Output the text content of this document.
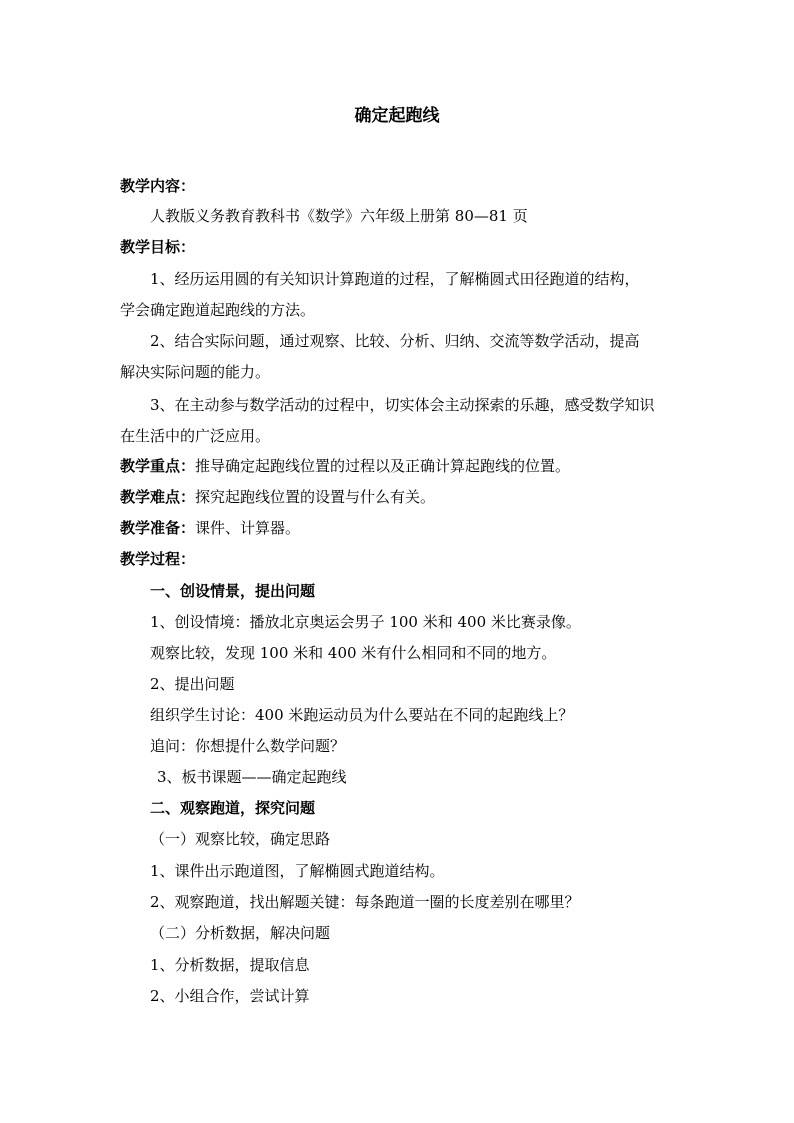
确定起跑线
教学内容：
人教版义务教育教科书《数学》六年级上册第 80—81 页
教学目标：
1、经历运用圆的有关知识计算跑道的过程，了解椭圆式田径跑道的结构，
学会确定跑道起跑线的方法。
2、结合实际问题，通过观察、比较、分析、归纳、交流等数学活动，提高
解决实际问题的能力。
3、在主动参与数学活动的过程中，切实体会主动探索的乐趣，感受数学知识
在生活中的广泛应用。
教学重点：推导确定起跑线位置的过程以及正确计算起跑线的位置。
教学难点：探究起跑线位置的设置与什么有关。
教学准备：课件、计算器。
教学过程：
一、创设情景，提出问题
1、创设情境：播放北京奥运会男子 100 米和 400 米比赛录像。
观察比较，发现 100 米和 400 米有什么相同和不同的地方。
2、提出问题
组织学生讨论：400 米跑运动员为什么要站在不同的起跑线上？
追问：你想提什么数学问题？
3、板书课题——确定起跑线
二、观察跑道，探究问题
（一）观察比较，确定思路
1、课件出示跑道图，了解椭圆式跑道结构。
2、观察跑道，找出解题关键：每条跑道一圈的长度差别在哪里？
（二）分析数据，解决问题
1、分析数据，提取信息
2、小组合作，尝试计算
